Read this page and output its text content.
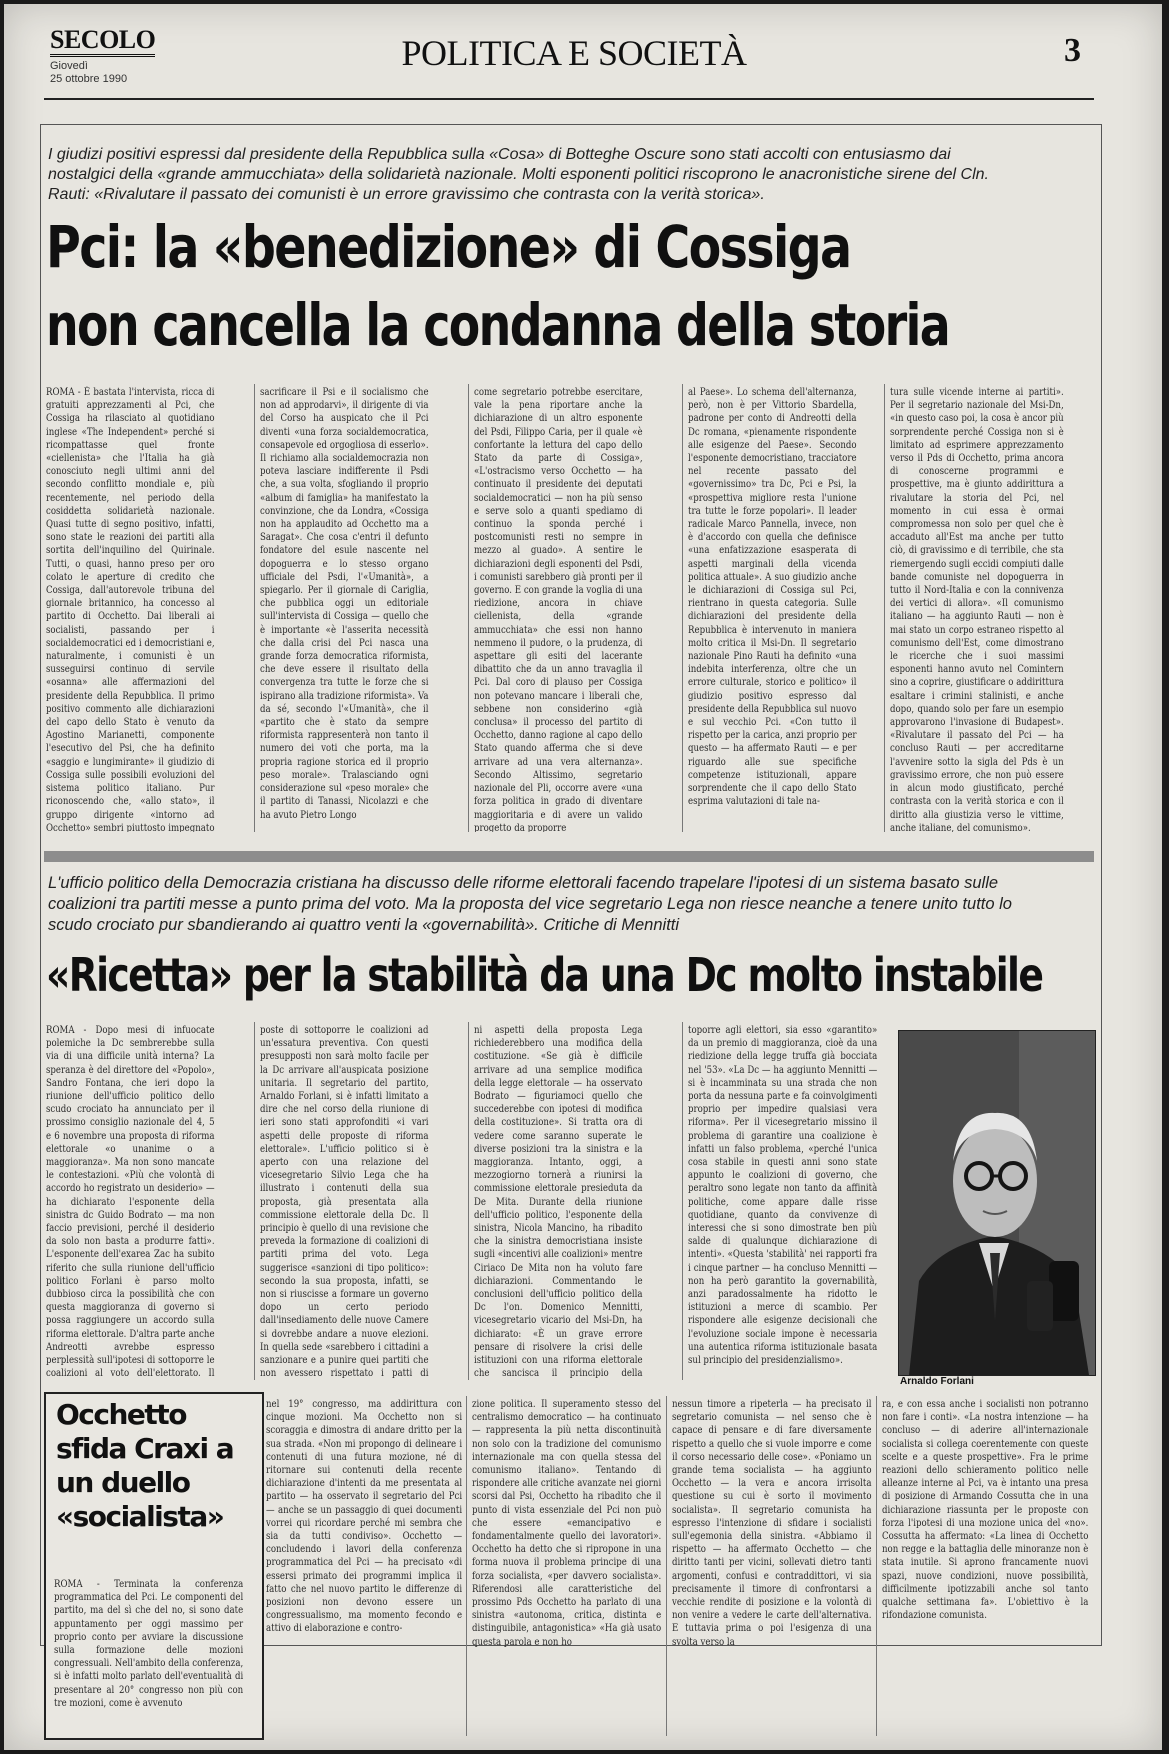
SECOLO
Giovedì
25 ottobre 1990
POLITICA E SOCIETÀ	3
I giudizi positivi espressi dal presidente della Repubblica sulla «Cosa» di Botteghe Oscure sono stati accolti con entusiasmo dai nostalgici della «grande ammucchiata» della solidarietà nazionale. Molti esponenti politici riscoprono le anacronistiche sirene del Cln. Rauti: «Rivalutare il passato dei comunisti è un errore gravissimo che contrasta con la verità storica».
Pci: la «benedizione» di Cossiga
non cancella la condanna della storia
ROMA - È bastata l'intervista, ricca di gratuiti apprezzamenti al Pci, che Cossiga ha rilasciato al quotidiano inglese «The Independent» perché si ricompattasse quel fronte «ciellenista» che l'Italia ha già conosciuto negli ultimi anni del secondo conflitto mondiale e, più recentemente, nel periodo della cosiddetta solidarietà nazionale. Quasi tutte di segno positivo, infatti, sono state le reazioni dei partiti alla sortita dell'inquilino del Quirinale. Tutti, o quasi, hanno preso per oro colato le aperture di credito che Cossiga, dall'autorevole tribuna del giornale britannico, ha concesso al partito di Occhetto. Dai liberali ai socialisti, passando per i socialdemocratici ed i democristiani e, naturalmente, i comunisti è un susseguirsi continuo di servile «osanna» alle affermazioni del presidente della Repubblica. Il primo positivo commento alle dichiarazioni del capo dello Stato è venuto da Agostino Marianetti, componente l'esecutivo del Psi, che ha definito «saggio e lungimirante» il giudizio di Cossiga sulle possibili evoluzioni del sistema politico italiano. Pur riconoscendo che, «allo stato», il gruppo dirigente «intorno ad Occhetto» sembri piuttosto impegnato
sacrificare il Psi e il socialismo che non ad approdarvi», il dirigente di via del Corso ha auspicato che il Pci diventi «una forza socialdemocratica, consapevole ed orgogliosa di esserlo». Il richiamo alla socialdemocrazia non poteva lasciare indifferente il Psdi che, a sua volta, sfogliando il proprio «album di famiglia» ha manifestato la convinzione, che da Londra, «Cossiga non ha applaudito ad Occhetto ma a Saragat». Che cosa c'entri il defunto fondatore del esule nascente nel dopoguerra e lo stesso organo ufficiale del Psdi, l'«Umanità», a spiegarlo. Per il giornale di Cariglia, che pubblica oggi un editoriale sull'intervista di Cossiga — quello che è importante «è l'asserita necessità che dalla crisi del Pci nasca una grande forza democratica riformista, che deve essere il risultato della convergenza tra tutte le forze che si ispirano alla tradizione riformista». Va da sé, secondo l'«Umanità», che il «partito che è stato da sempre riformista rappresenterà non tanto il numero dei voti che porta, ma la propria ragione storica ed il proprio peso morale». Tralasciando ogni considerazione sul «peso morale» che il partito di Tanassi, Nicolazzi e che ha avuto Pietro Longo
come segretario potrebbe esercitare, vale la pena riportare anche la dichiarazione di un altro esponente del Psdi, Filippo Caria, per il quale «è confortante la lettura del capo dello Stato da parte di Cossiga», «L'ostracismo verso Occhetto — ha continuato il presidente dei deputati socialdemocratici — non ha più senso e serve solo a quanti spediamo di continuo la sponda perché i postcomunisti resti no sempre in mezzo al guado». A sentire le dichiarazioni degli esponenti del Psdi, i comunisti sarebbero già pronti per il governo. E con grande la voglia di una riedizione, ancora in chiave ciellenista, della «grande ammucchiata» che essi non hanno nemmeno il pudore, o la prudenza, di aspettare gli esiti del lacerante dibattito che da un anno travaglia il Pci. Dal coro di plauso per Cossiga non potevano mancare i liberali che, sebbene non considerino «già conclusa» il processo del partito di Occhetto, danno ragione al capo dello Stato quando afferma che si deve arrivare ad una vera alternanza». Secondo Altissimo, segretario nazionale del Pli, occorre avere «una forza politica in grado di diventare maggioritaria e di avere un valido progetto da proporre
al Paese». Lo schema dell'alternanza, però, non è per Vittorio Sbardella, padrone per conto di Andreotti della Dc romana, «pienamente rispondente alle esigenze del Paese». Secondo l'esponente democristiano, tracciatore nel recente passato del «governissimo» tra Dc, Pci e Psi, la «prospettiva migliore resta l'unione tra tutte le forze popolari». Il leader radicale Marco Pannella, invece, non è d'accordo con quella che definisce «una enfatizzazione esasperata di aspetti marginali della vicenda politica attuale». A suo giudizio anche le dichiarazioni di Cossiga sul Pci, rientrano in questa categoria. Sulle dichiarazioni del presidente della Repubblica è intervenuto in maniera molto critica il Msi-Dn. Il segretario nazionale Pino Rauti ha definito «una indebita interferenza, oltre che un errore culturale, storico e politico» il giudizio positivo espresso dal presidente della Repubblica sul nuovo e sul vecchio Pci. «Con tutto il rispetto per la carica, anzi proprio per questo — ha affermato Rauti — e per riguardo alle sue specifiche competenze istituzionali, appare sorprendente che il capo dello Stato esprima valutazioni di tale na-
tura sulle vicende interne ai partiti». Per il segretario nazionale del Msi-Dn, «in questo caso poi, la cosa è ancor più sorprendente perché Cossiga non si è limitato ad esprimere apprezzamento verso il Pds di Occhetto, prima ancora di conoscerne programmi e prospettive, ma è giunto addirittura a rivalutare la storia del Pci, nel momento in cui essa è ormai compromessa non solo per quel che è accaduto all'Est ma anche per tutto ciò, di gravissimo e di terribile, che sta riemergendo sugli eccidi compiuti dalle bande comuniste nel dopoguerra in tutto il Nord-Italia e con la connivenza dei vertici di allora». «Il comunismo italiano — ha aggiunto Rauti — non è mai stato un corpo estraneo rispetto al comunismo dell'Est, come dimostrano le ricerche che i suoi massimi esponenti hanno avuto nel Comintern sino a coprire, giustificare o addirittura esaltare i crimini stalinisti, e anche dopo, quando solo per fare un esempio approvarono l'invasione di Budapest». «Rivalutare il passato del Pci — ha concluso Rauti — per accreditarne l'avvenire sotto la sigla del Pds è un gravissimo errore, che non può essere in alcun modo giustificato, perché contrasta con la verità storica e con il diritto alla giustizia verso le vittime, anche italiane, del comunismo».
L'ufficio politico della Democrazia cristiana ha discusso delle riforme elettorali facendo trapelare l'ipotesi di un sistema basato sulle coalizioni tra partiti messe a punto prima del voto. Ma la proposta del vice segretario Lega non riesce neanche a tenere unito tutto lo scudo crociato pur sbandierando ai quattro venti la «governabilità». Critiche di Mennitti
«Ricetta» per la stabilità da una Dc molto instabile
ROMA - Dopo mesi di infuocate polemiche la Dc sembrerebbe sulla via di una difficile unità interna? La speranza è del direttore del «Popolo», Sandro Fontana, che ieri dopo la riunione dell'ufficio politico dello scudo crociato ha annunciato per il prossimo consiglio nazionale del 4, 5 e 6 novembre una proposta di riforma elettorale «o unanime o a maggioranza». Ma non sono mancate le contestazioni. «Più che volontà di accordo ho registrato un desiderio» — ha dichiarato l'esponente della sinistra dc Guido Bodrato — ma non faccio previsioni, perché il desiderio da solo non basta a produrre fatti». L'esponente dell'exarea Zac ha subito riferito che sulla riunione dell'ufficio politico Forlani è parso molto dubbioso circa la possibilità che con questa maggioranza di governo si possa raggiungere un accordo sulla riforma elettorale. D'altra parte anche Andreotti avrebbe espresso perplessità sull'ipotesi di sottoporre le coalizioni al voto dell'elettorato. Il
poste di sottoporre le coalizioni ad un'essatura preventiva. Con questi presupposti non sarà molto facile per la Dc arrivare all'auspicata posizione unitaria. Il segretario del partito, Arnaldo Forlani, si è infatti limitato a dire che nel corso della riunione di ieri sono stati approfonditi «i vari aspetti delle proposte di riforma elettorale». L'ufficio politico si è aperto con una relazione del vicesegretario Silvio Lega che ha illustrato i contenuti della sua proposta, già presentata alla commissione elettorale della Dc. Il principio è quello di una revisione che preveda la formazione di coalizioni di partiti prima del voto. Lega suggerisce «sanzioni di tipo politico»: secondo la sua proposta, infatti, se non si riuscisse a formare un governo dopo un certo periodo dall'insediamento delle nuove Camere si dovrebbe andare a nuove elezioni. In quella sede «sarebbero i cittadini a sanzionare e a punire quei partiti che non avessero rispettato i patti di
ni aspetti della proposta Lega richiederebbero una modifica della costituzione. «Se già è difficile arrivare ad una semplice modifica della legge elettorale — ha osservato Bodrato — figuriamoci quello che succederebbe con ipotesi di modifica della costituzione». Si tratta ora di vedere come saranno superate le diverse posizioni tra la sinistra e la maggioranza. Intanto, oggi, a mezzogiorno tornerà a riunirsi la commissione elettorale presieduta da De Mita. Durante della riunione dell'ufficio politico, l'esponente della sinistra, Nicola Mancino, ha ribadito che la sinistra democristiana insiste sugli «incentivi alle coalizioni» mentre Ciriaco De Mita non ha voluto fare dichiarazioni. Commentando le conclusioni dell'ufficio politico della Dc l'on. Domenico Mennitti, vicesegretario vicario del Msi-Dn, ha dichiarato: «È un grave errore pensare di risolvere la crisi delle istituzioni con una riforma elettorale che sancisca il principio della
toporre agli elettori, sia esso «garantito» da un premio di maggioranza, cioè da una riedizione della legge truffa già bocciata nel '53». «La Dc — ha aggiunto Mennitti — si è incamminata su una strada che non porta da nessuna parte e fa coinvolgimenti proprio per impedire qualsiasi vera riforma». Per il vicesegretario missino il problema di garantire una coalizione è infatti un falso problema, «perché l'unica cosa stabile in questi anni sono state appunto le coalizioni di governo, che peraltro sono legate non tanto da affinità politiche, come appare dalle risse quotidiane, quanto da convivenze di interessi che si sono dimostrate ben più salde di qualunque dichiarazione di intenti». «Questa 'stabilità' nei rapporti fra i cinque partner — ha concluso Mennitti — non ha però garantito la governabilità, anzi paradossalmente ha ridotto le istituzioni a merce di scambio. Per rispondere alle esigenze decisionali che l'evoluzione sociale impone è necessaria una autentica riforma istituzionale basata sul principio del presidenzialismo».
Arnaldo Forlani
Occhetto sfida Craxi a un duello «socialista»
ROMA - Terminata la conferenza programmatica del Pci. Le componenti del partito, ma del sì che del no, si sono date appuntamento per oggi massimo per proprio conto per avviare la discussione sulla formazione delle mozioni congressuali. Nell'ambito della conferenza, si è infatti molto parlato dell'eventualità di presentare al 20° congresso non più con tre mozioni, come è avvenuto
nel 19° congresso, ma addirittura con cinque mozioni. Ma Occhetto non si scoraggia e dimostra di andare dritto per la sua strada. «Non mi propongo di delineare i contenuti di una futura mozione, né di ritornare sui contenuti della recente dichiarazione d'intenti da me presentata al partito — ha osservato il segretario del Pci — anche se un passaggio di quei documenti vorrei qui ricordare perché mi sembra che sia da tutti condiviso». Occhetto — concludendo i lavori della conferenza programmatica del Pci — ha precisato «di essersi primato dei programmi implica il fatto che nel nuovo partito le differenze di posizioni non devono essere un congressualismo, ma momento fecondo e attivo di elaborazione e contro-
zione politica. Il superamento stesso del centralismo democratico — ha continuato — rappresenta la più netta discontinuità non solo con la tradizione del comunismo internazionale ma con quella stessa del comunismo italiano». Tentando di rispondere alle critiche avanzate nei giorni scorsi dal Psi, Occhetto ha ribadito che il punto di vista essenziale del Pci non può che essere «emancipativo e fondamentalmente quello dei lavoratori». Occhetto ha detto che si ripropone in una forma nuova il problema principe di una forza socialista, «per davvero socialista». Riferendosi alle caratteristiche del prossimo Pds Occhetto ha parlato di una sinistra «autonoma, critica, distinta e distinguibile, antagonistica» «Ha già usato questa parola e non ho
nessun timore a ripeterla — ha precisato il segretario comunista — nel senso che è capace di pensare e di fare diversamente rispetto a quello che si vuole imporre e come il corso necessario delle cose». «Poniamo un grande tema socialista — ha aggiunto Occhetto — la vera e ancora irrisolta questione su cui è sorto il movimento socialista». Il segretario comunista ha espresso l'intenzione di sfidare i socialisti sull'egemonia della sinistra. «Abbiamo il rispetto — ha affermato Occhetto — che diritto tanti per vicini, sollevati dietro tanti argomenti, confusi e contraddittori, vi sia precisamente il timore di confrontarsi a vecchie rendite di posizione e la volontà di non venire a vedere le carte dell'alternativa. E tuttavia prima o poi l'esigenza di una svolta verso la
ra, e con essa anche i socialisti non potranno non fare i conti». «La nostra intenzione — ha concluso — di aderire all'internazionale socialista si collega coerentemente con queste scelte e a queste prospettive». Fra le prime reazioni dello schieramento politico nelle alleanze interne al Pci, va è intanto una presa di posizione di Armando Cossutta che in una dichiarazione riassunta per le proposte con forza l'ipotesi di una mozione unica del «no». Cossutta ha affermato: «La linea di Occhetto non regge e la battaglia delle minoranze non è stata inutile. Si aprono francamente nuovi spazi, nuove condizioni, nuove possibilità, difficilmente ipotizzabili anche sol tanto qualche settimana fa». L'obiettivo è la rifondazione comunista.
